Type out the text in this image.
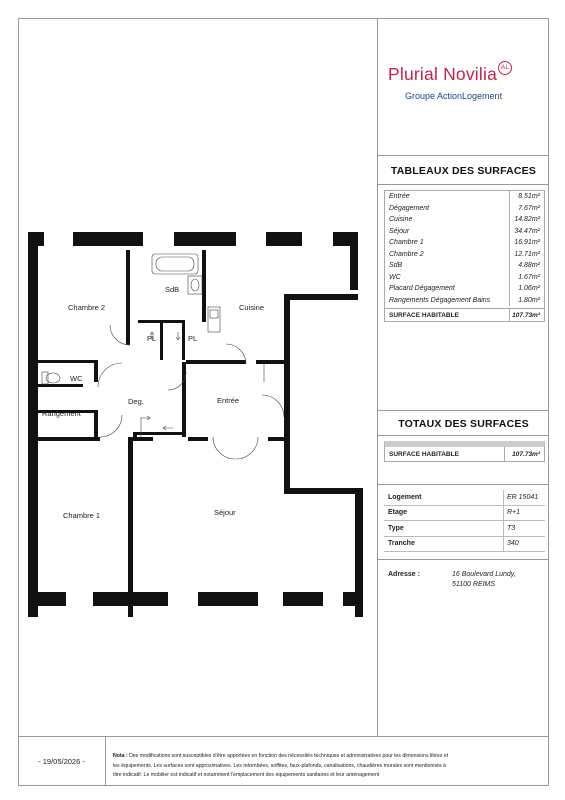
Plurial Novilia AL
Groupe ActionLogement
TABLEAUX DES SURFACES
Entrée	8.51m²
Dégagement	7.67m²
Cuisine	14.82m²
Séjour	34.47m²
Chambre 1	16.91m²
Chambre 2	12.71m²
SdB	4.88m²
WC	1.67m²
Placard Dégagement	1.06m²
Rangements Dégagement Bains	1.80m²
SURFACE HABITABLE	107.73m²
TOTAUX DES SURFACES
SURFACE HABITABLE	107.73m²
Logement	ER 15041
Etage	R+1
Type	T3
Tranche	340
Adresse :	16 Boulevard Lundy,
51100 REIMS
Chambre 2
SdB
Cuisine
PL	PL
WC
Deg.	Entrée
Rangement
Chambre 1	Séjour
- 19/05/2026 -
Nota : Des modifications sont susceptibles d'être apportées en fonction des nécessités techniques et administratives pour les dimensions libres et
les équipements. Les surfaces sont approximatives. Les retombées, soffites, faux-plafonds, canalisations, chaudières murales sont mentionnés à
titre indicatif. Le mobilier est indicatif et notamment l'emplacement des équipements sanitaires et leur aménagement
